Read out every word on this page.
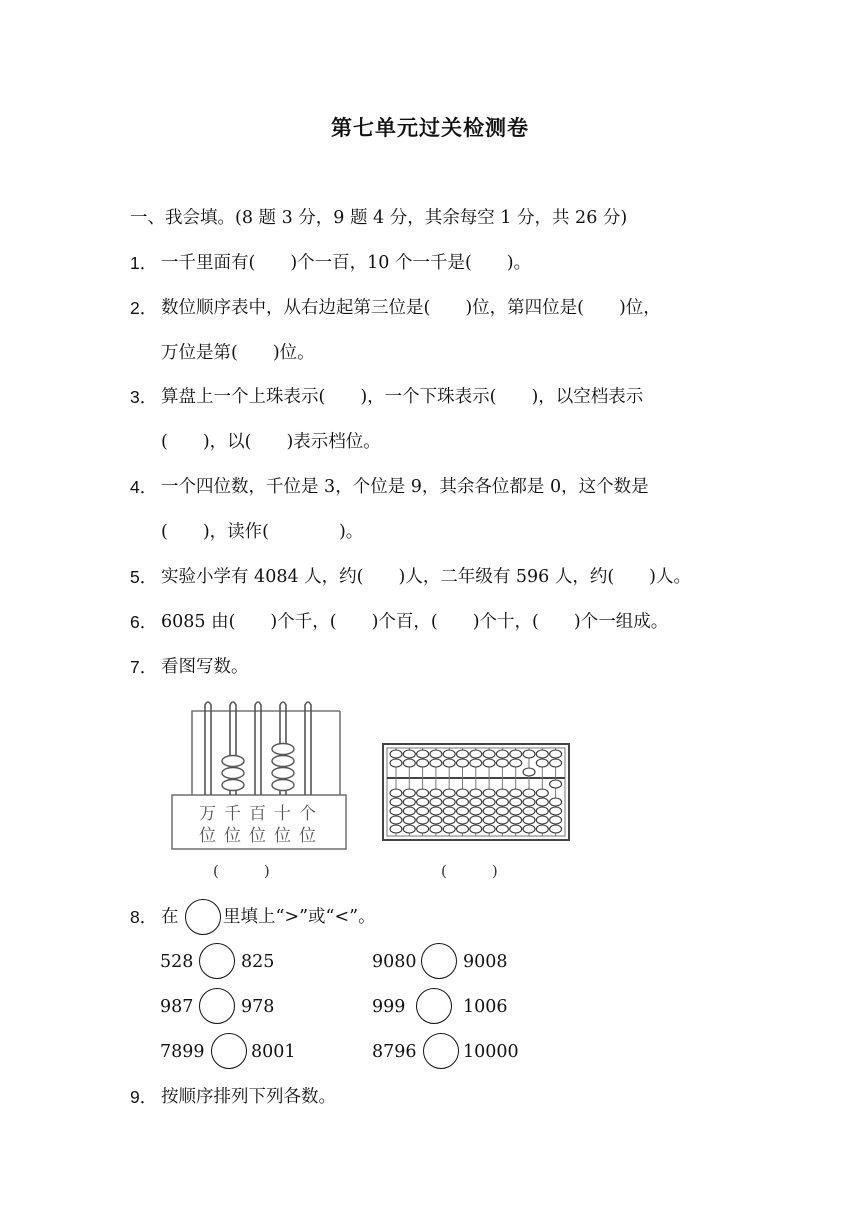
第七单元过关检测卷
一、我会填。(8 题 3 分，9 题 4 分，其余每空 1 分，共 26 分)
1． 一千里面有(　　)个一百，10 个一千是(　　)。
2． 数位顺序表中，从右边起第三位是(　　)位，第四位是(　　)位，
万位是第(　　)位。
3． 算盘上一个上珠表示(　　)，一个下珠表示(　　)，以空档表示
(　　)，以(　　)表示档位。
4． 一个四位数，千位是 3，个位是 9，其余各位都是 0，这个数是
(　　)，读作(　　　　)。
5． 实验小学有 4084 人，约(　　)人，二年级有 596 人，约(　　)人。
6． 6085 由(　　)个千，(　　)个百，(　　)个十，(　　)个一组成。
7． 看图写数。
万
位
千
位
百
位
十
位
个
位
(　　　)	(　　　)
8． 在	里填上“>”或“<”。
528	825	9080	9008
987	978	999	1006
7899	8001	8796	10000
9． 按顺序排列下列各数。
